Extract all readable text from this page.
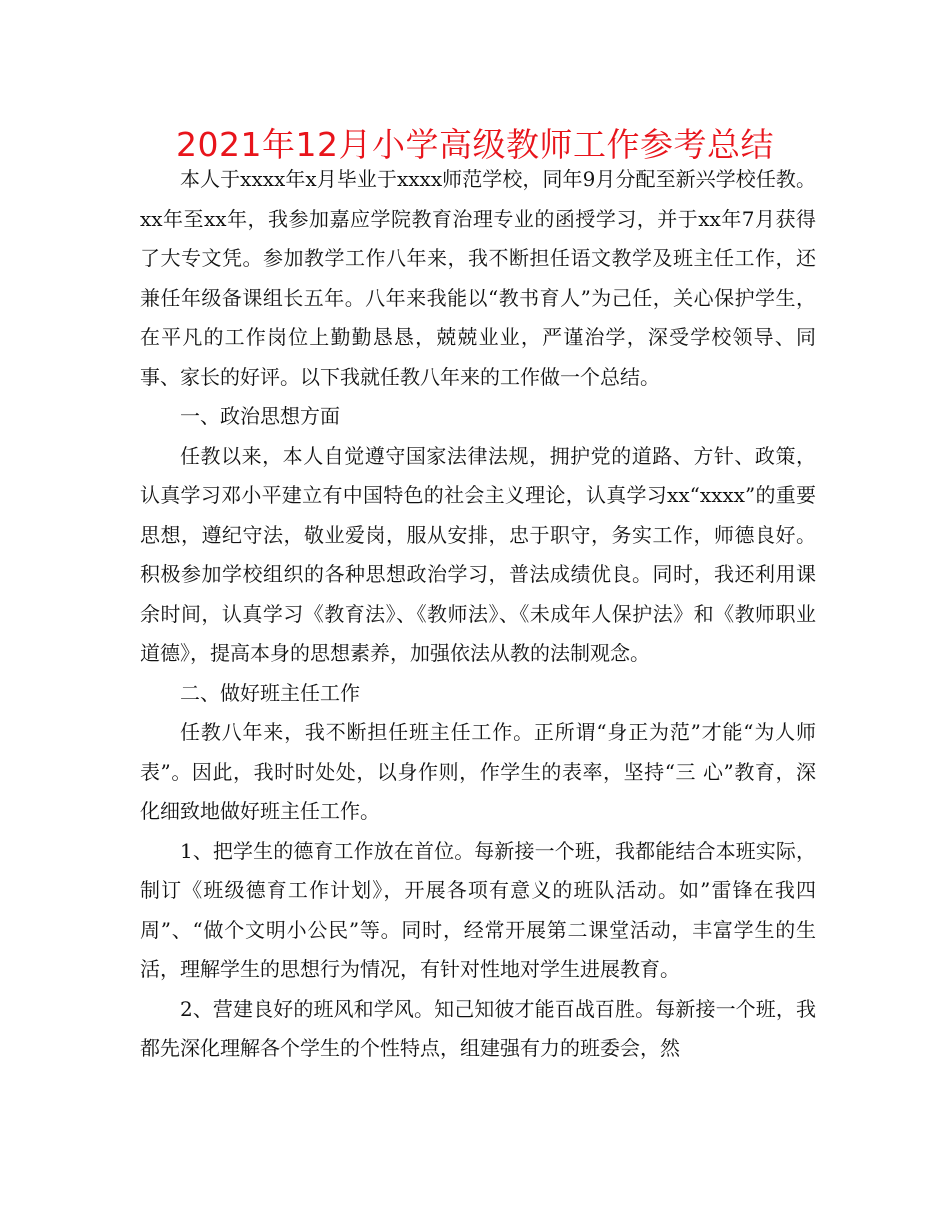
2021年12月小学高级教师工作参考总结

本人于xxxx年x月毕业于xxxx师范学校，同年9月分配至新兴学校任教。xx年至xx年，我参加嘉应学院教育治理专业的函授学习，并于xx年7月获得了大专文凭。参加教学工作八年来，我不断担任语文教学及班主任工作，还兼任年级备课组长五年。八年来我能以“教书育人”为己任，关心保护学生，在平凡的工作岗位上勤勤恳恳，兢兢业业，严谨治学，深受学校领导、同事、家长的好评。以下我就任教八年来的工作做一个总结。

一、政治思想方面

任教以来，本人自觉遵守国家法律法规，拥护党的道路、方针、政策，认真学习邓小平建立有中国特色的社会主义理论，认真学习xx“xxxx”的重要思想，遵纪守法，敬业爱岗，服从安排，忠于职守，务实工作，师德良好。积极参加学校组织的各种思想政治学习，普法成绩优良。同时，我还利用课余时间，认真学习《教育法》、《教师法》、《未成年人保护法》和《教师职业道德》，提高本身的思想素养，加强依法从教的法制观念。

二、做好班主任工作

任教八年来，我不断担任班主任工作。正所谓“身正为范”才能“为人师表”。因此，我时时处处，以身作则，作学生的表率，坚持“三 心”教育，深化细致地做好班主任工作。

1、把学生的德育工作放在首位。每新接一个班，我都能结合本班实际，制订《班级德育工作计划》，开展各项有意义的班队活动。如”雷锋在我四周”、“做个文明小公民”等。同时，经常开展第二课堂活动，丰富学生的生活，理解学生的思想行为情况，有针对性地对学生进展教育。

2、营建良好的班风和学风。知己知彼才能百战百胜。每新接一个班，我都先深化理解各个学生的个性特点，组建强有力的班委会，然
